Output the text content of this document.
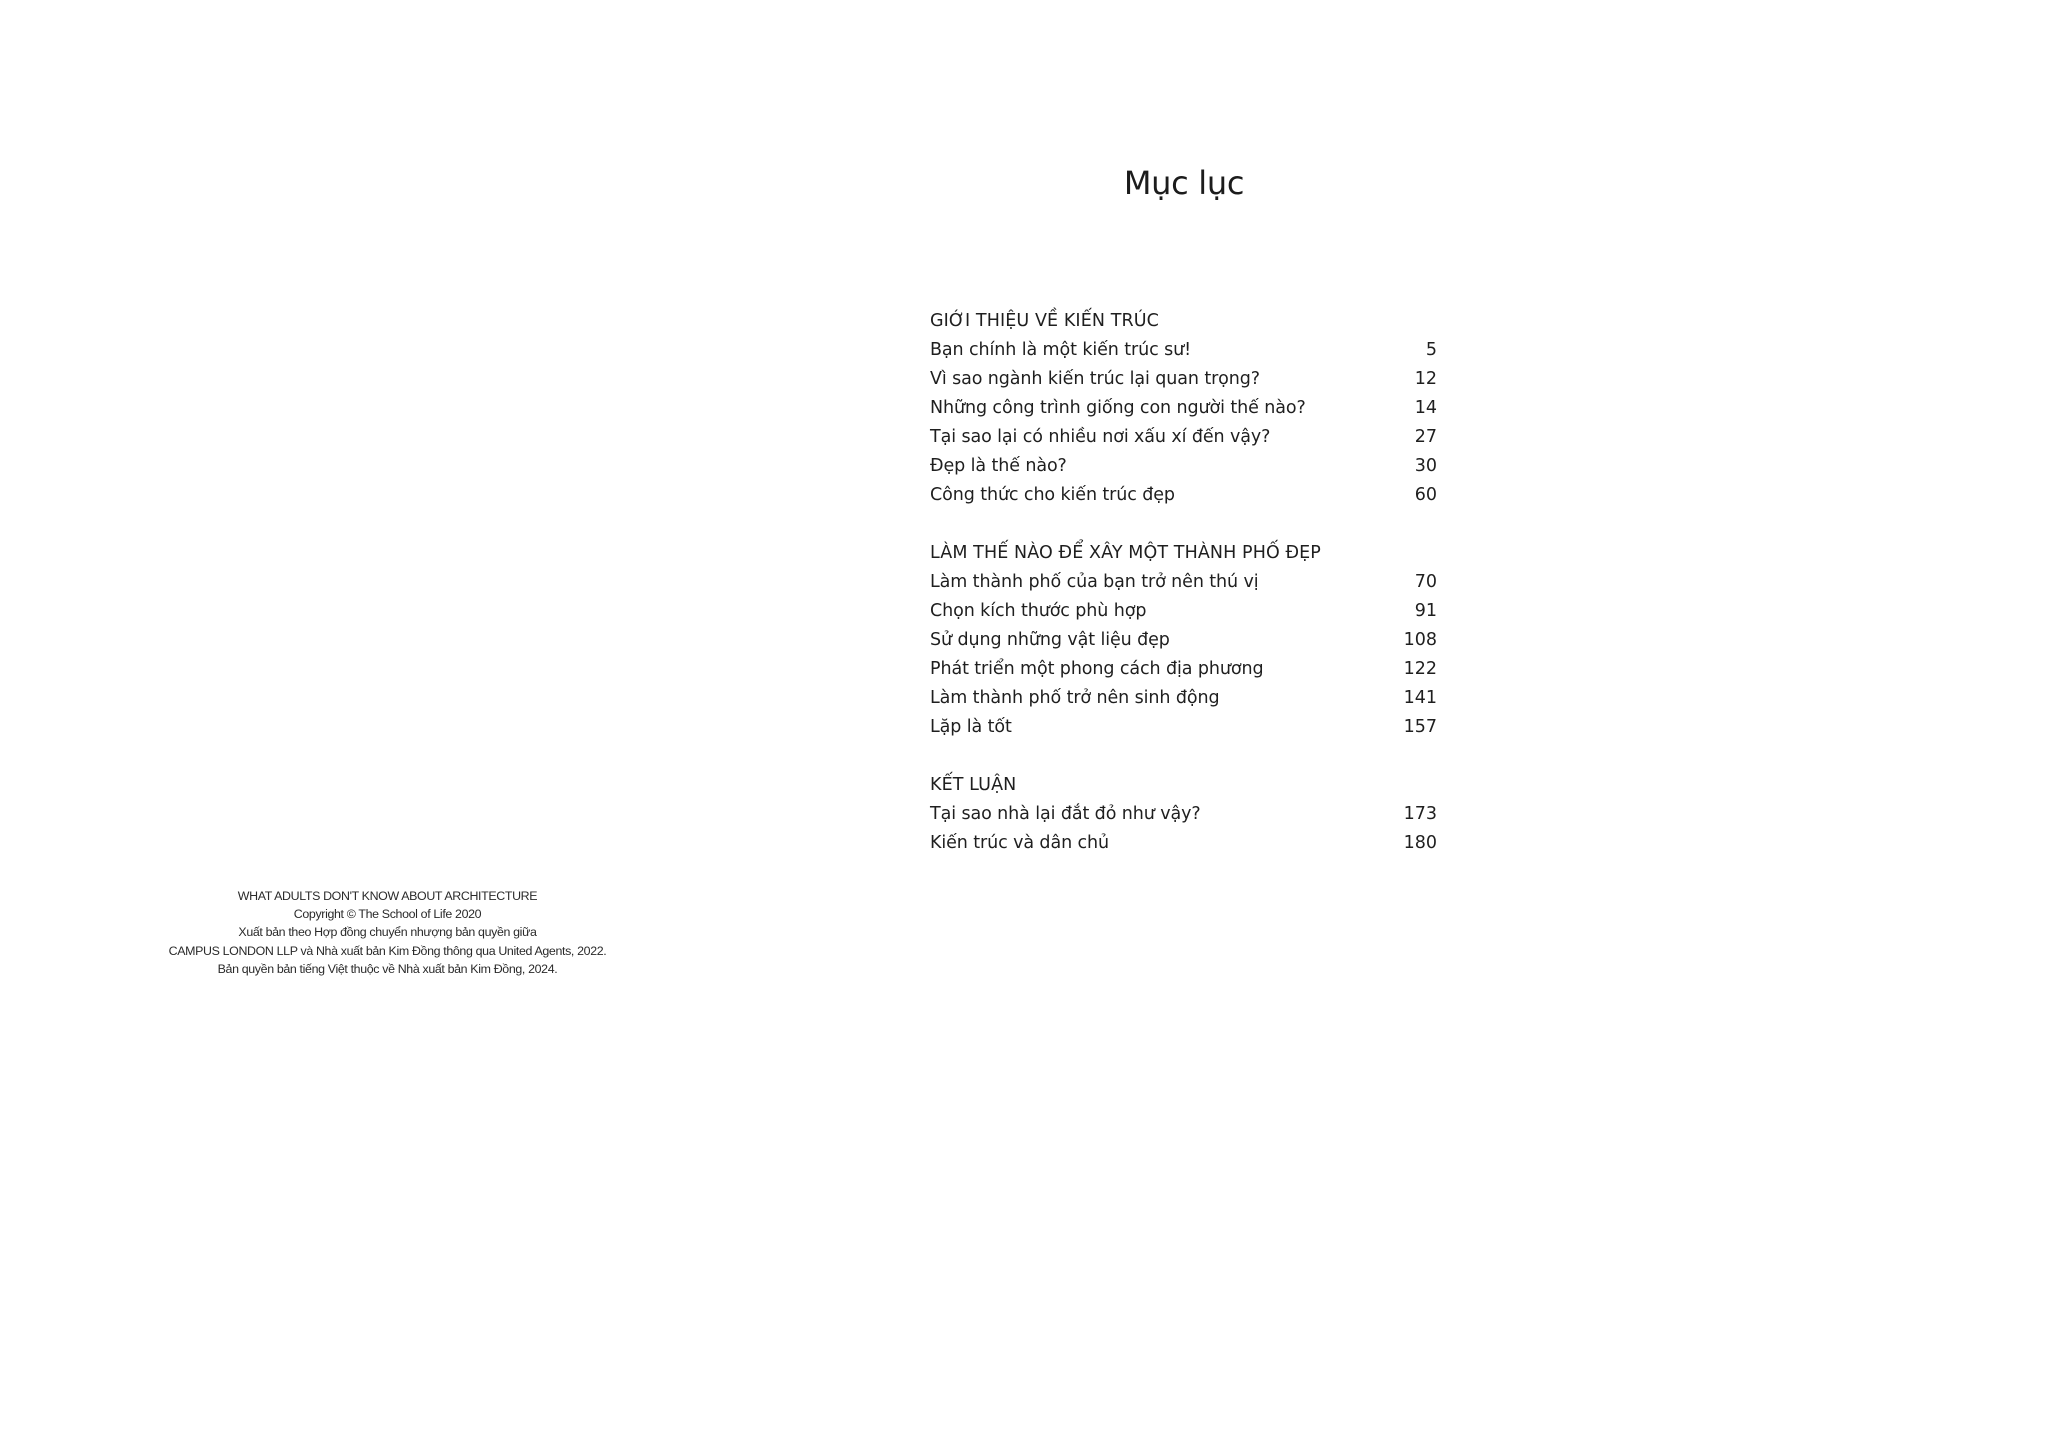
WHAT ADULTS DON'T KNOW ABOUT ARCHITECTURE
Copyright © The School of Life 2020
Xuất bản theo Hợp đồng chuyển nhượng bản quyền giữa
CAMPUS LONDON LLP và Nhà xuất bản Kim Đồng thông qua United Agents, 2022.
Bản quyền bản tiếng Việt thuộc về Nhà xuất bản Kim Đồng, 2024.
Mục lục
GIỚI THIỆU VỀ KIẾN TRÚC
Bạn chính là một kiến trúc sư!	5
Vì sao ngành kiến trúc lại quan trọng?	12
Những công trình giống con người thế nào?	14
Tại sao lại có nhiều nơi xấu xí đến vậy?	27
Đẹp là thế nào?	30
Công thức cho kiến trúc đẹp	60
LÀM THẾ NÀO ĐỂ XÂY MỘT THÀNH PHỐ ĐẸP
Làm thành phố của bạn trở nên thú vị	70
Chọn kích thước phù hợp	91
Sử dụng những vật liệu đẹp	108
Phát triển một phong cách địa phương	122
Làm thành phố trở nên sinh động	141
Lặp là tốt	157
KẾT LUẬN
Tại sao nhà lại đắt đỏ như vậy?	173
Kiến trúc và dân chủ	180
